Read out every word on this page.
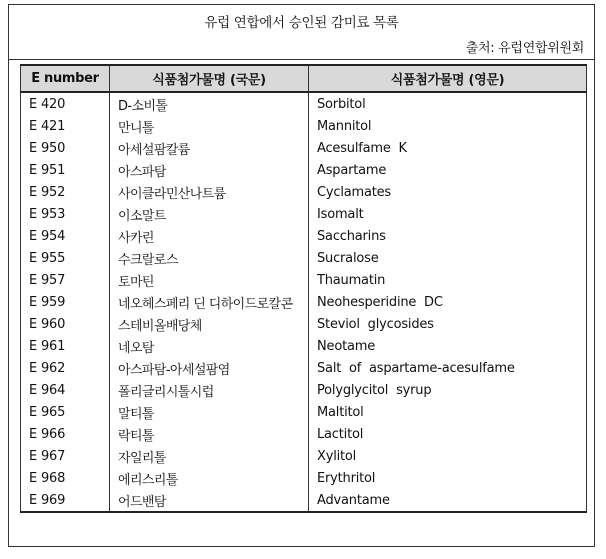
유럽 연합에서 승인된 감미료 목록
출처: 유럽연합위원회
E number	식품첨가물명 (국문)	식품첨가물명 (영문)
E 420	D-소비톨	Sorbitol
E 421	만니톨	Mannitol
E 950	아세설팜칼륨	Acesulfame  K
E 951	아스파탐	Aspartame
E 952	사이클라민산나트륨	Cyclamates
E 953	이소말트	Isomalt
E 954	사카린	Saccharins
E 955	수크랄로스	Sucralose
E 957	토마틴	Thaumatin
E 959	네오헤스페리 딘 디하이드로칼콘	Neohesperidine  DC
E 960	스테비올배당체	Steviol  glycosides
E 961	네오탐	Neotame
E 962	아스파탐-아세설팜염	Salt  of  aspartame-acesulfame
E 964	폴리글리시톨시럽	Polyglycitol  syrup
E 965	말티톨	Maltitol
E 966	락티톨	Lactitol
E 967	자일리톨	Xylitol
E 968	에리스리톨	Erythritol
E 969	어드밴탐	Advantame
